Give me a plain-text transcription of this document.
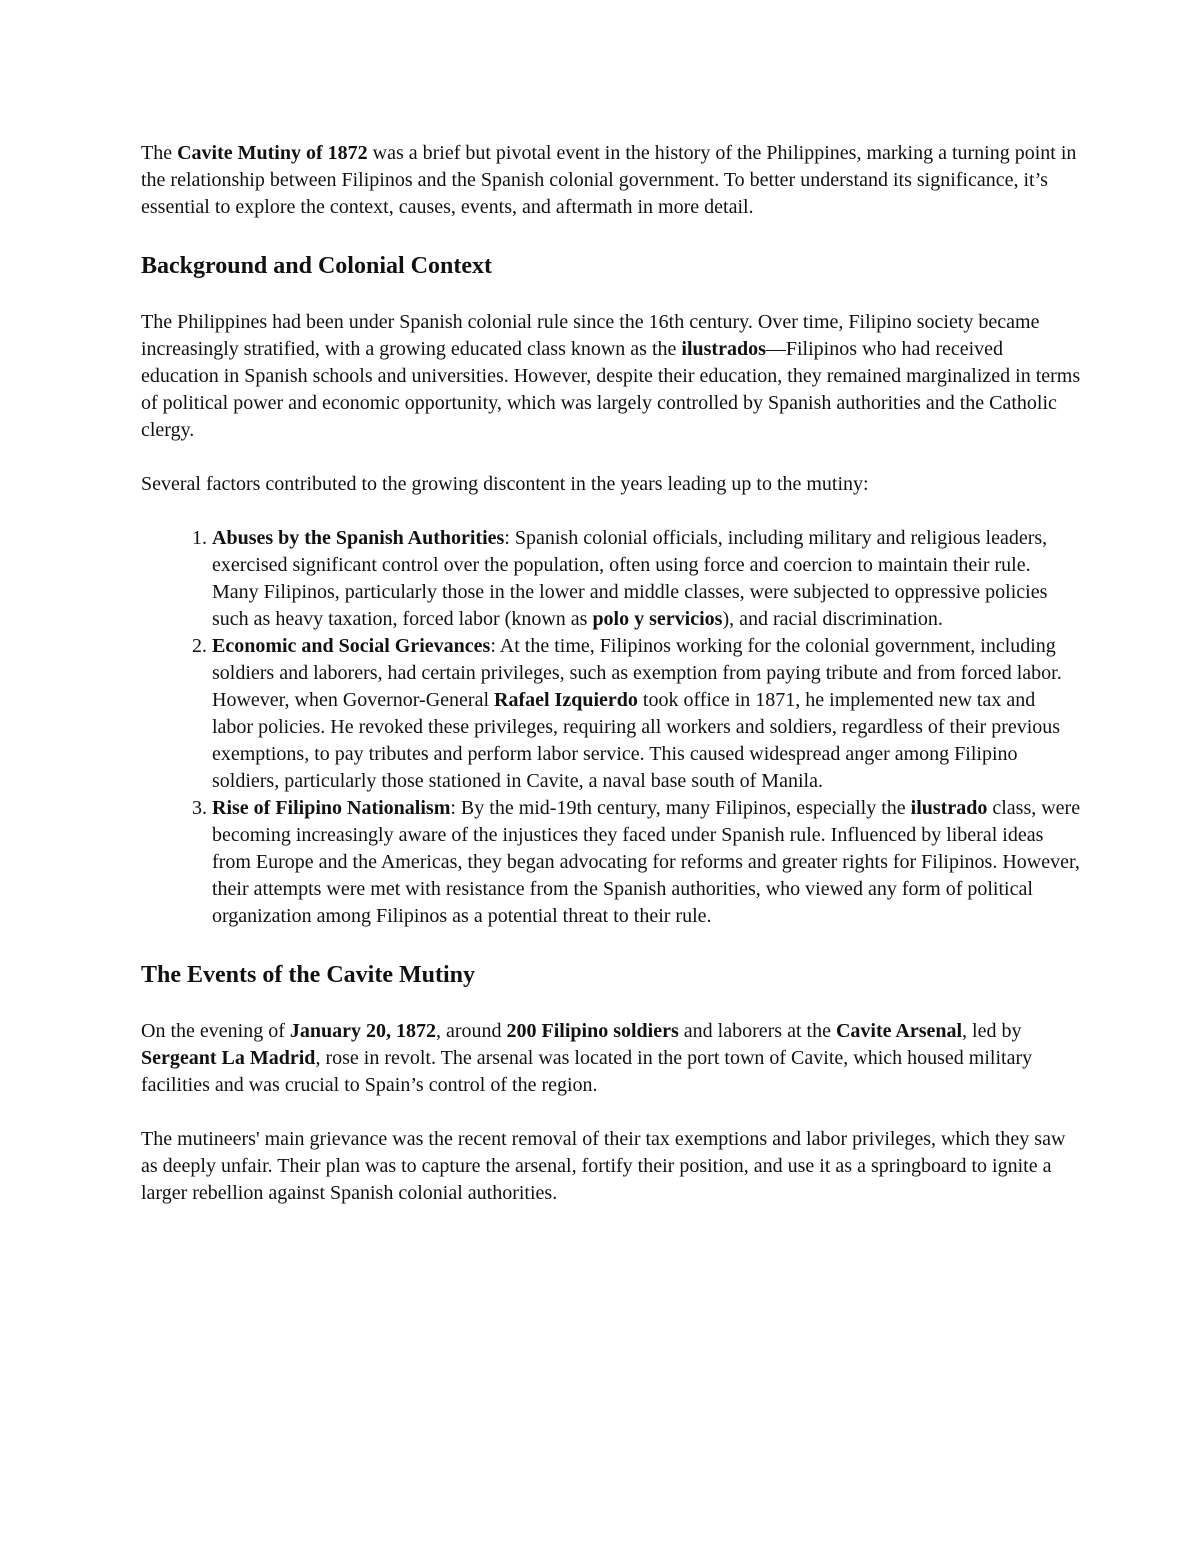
The Cavite Mutiny of 1872 was a brief but pivotal event in the history of the Philippines, marking a turning point in the relationship between Filipinos and the Spanish colonial government. To better understand its significance, it’s essential to explore the context, causes, events, and aftermath in more detail.

Background and Colonial Context

The Philippines had been under Spanish colonial rule since the 16th century. Over time, Filipino society became increasingly stratified, with a growing educated class known as the ilustrados—Filipinos who had received education in Spanish schools and universities. However, despite their education, they remained marginalized in terms of political power and economic opportunity, which was largely controlled by Spanish authorities and the Catholic clergy.

Several factors contributed to the growing discontent in the years leading up to the mutiny:

1. Abuses by the Spanish Authorities: Spanish colonial officials, including military and religious leaders, exercised significant control over the population, often using force and coercion to maintain their rule. Many Filipinos, particularly those in the lower and middle classes, were subjected to oppressive policies such as heavy taxation, forced labor (known as polo y servicios), and racial discrimination.
2. Economic and Social Grievances: At the time, Filipinos working for the colonial government, including soldiers and laborers, had certain privileges, such as exemption from paying tribute and from forced labor. However, when Governor-General Rafael Izquierdo took office in 1871, he implemented new tax and labor policies. He revoked these privileges, requiring all workers and soldiers, regardless of their previous exemptions, to pay tributes and perform labor service. This caused widespread anger among Filipino soldiers, particularly those stationed in Cavite, a naval base south of Manila.
3. Rise of Filipino Nationalism: By the mid-19th century, many Filipinos, especially the ilustrado class, were becoming increasingly aware of the injustices they faced under Spanish rule. Influenced by liberal ideas from Europe and the Americas, they began advocating for reforms and greater rights for Filipinos. However, their attempts were met with resistance from the Spanish authorities, who viewed any form of political organization among Filipinos as a potential threat to their rule.
The Events of the Cavite Mutiny

On the evening of January 20, 1872, around 200 Filipino soldiers and laborers at the Cavite Arsenal, led by Sergeant La Madrid, rose in revolt. The arsenal was located in the port town of Cavite, which housed military facilities and was crucial to Spain’s control of the region.

The mutineers' main grievance was the recent removal of their tax exemptions and labor privileges, which they saw as deeply unfair. Their plan was to capture the arsenal, fortify their position, and use it as a springboard to ignite a larger rebellion against Spanish colonial authorities.
